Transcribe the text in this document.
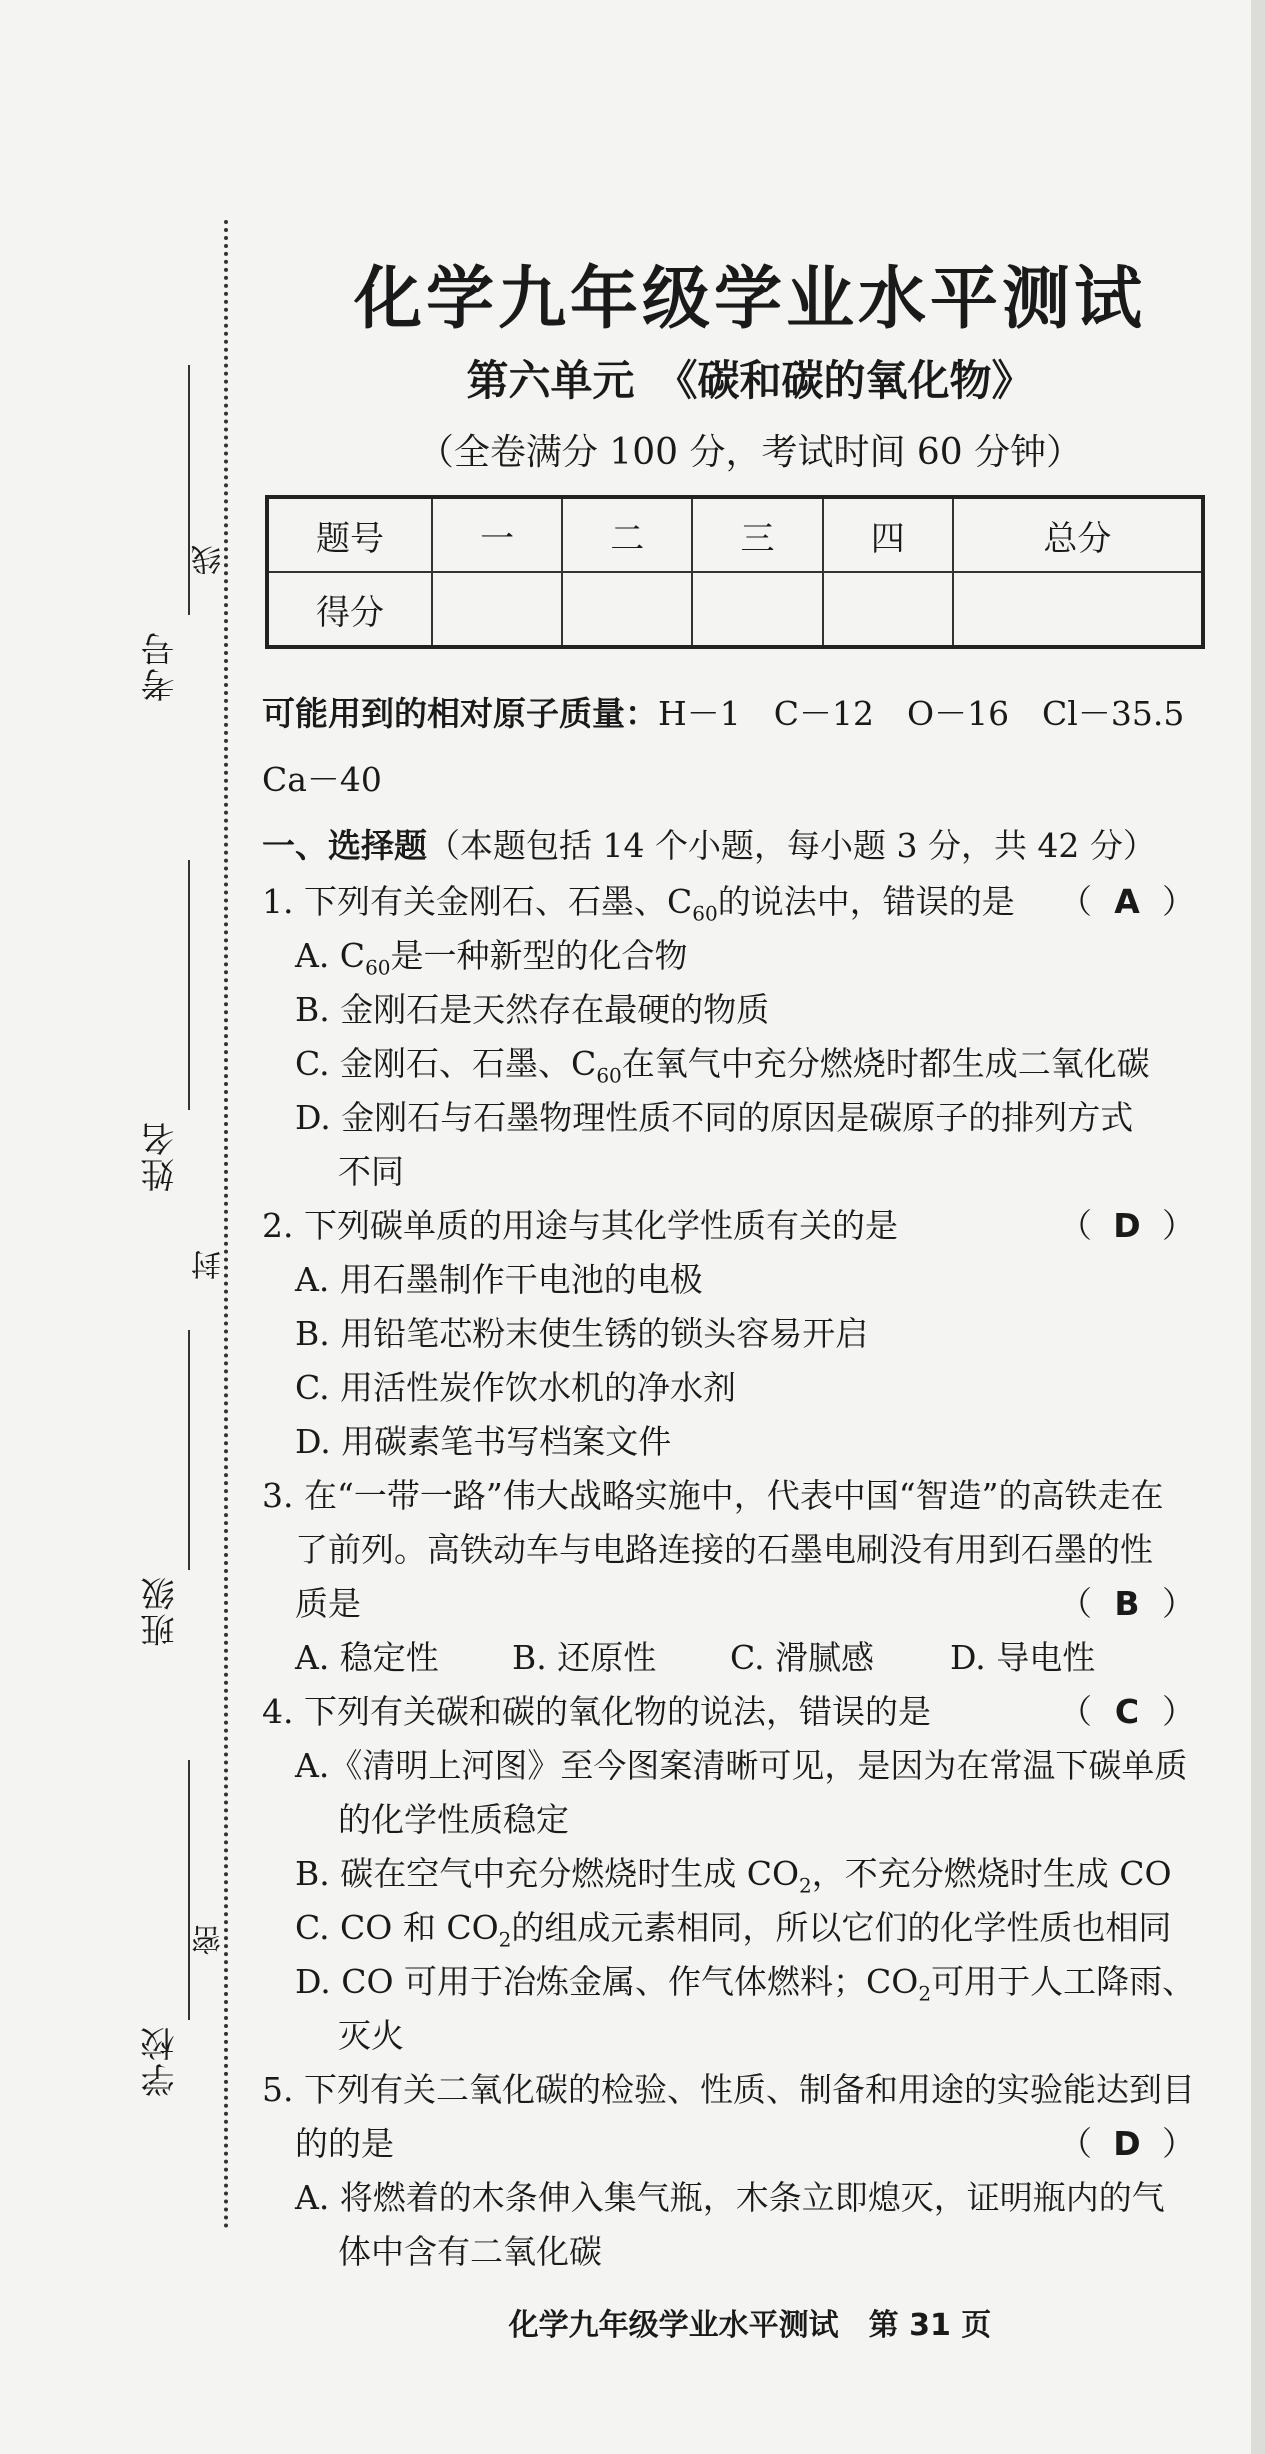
考号
线
姓名
封
班级
学校
密
化学九年级学业水平测试
第六单元　《碳和碳的氧化物》
（全卷满分 100 分，考试时间 60 分钟）
题号	一	二	三	四	总分
得分					
可能用到的相对原子质量：H－1　C－12　O－16　Cl－35.5
Ca－40
一、选择题（本题包括 14 个小题，每小题 3 分，共 42 分）
1. 下列有关金刚石、石墨、$C_{60}$的说法中，错误的是 （ A ）
A. $C_{60}$是一种新型的化合物
B. 金刚石是天然存在最硬的物质
C. 金刚石、石墨、$C_{60}$在氧气中充分燃烧时都生成二氧化碳
D. 金刚石与石墨物理性质不同的原因是碳原子的排列方式
不同
2. 下列碳单质的用途与其化学性质有关的是	（ D ）
A. 用石墨制作干电池的电极
B. 用铅笔芯粉末使生锈的锁头容易开启
C. 用活性炭作饮水机的净水剂
D. 用碳素笔书写档案文件
3. 在“一带一路”伟大战略实施中，代表中国“智造”的高铁走在
了前列。高铁动车与电路连接的石墨电刷没有用到石墨的性
质是	（ B ）
A. 稳定性 B. 还原性 C. 滑腻感 D. 导电性
4. 下列有关碳和碳的氧化物的说法，错误的是	（ C ）
A.《清明上河图》至今图案清晰可见，是因为在常温下碳单质
的化学性质稳定
B. 碳在空气中充分燃烧时生成 $CO_2$，不充分燃烧时生成 CO
C. CO 和 $CO_2$的组成元素相同，所以它们的化学性质也相同
D. CO 可用于冶炼金属、作气体燃料；$CO_2$可用于人工降雨、
灭火
5. 下列有关二氧化碳的检验、性质、制备和用途的实验能达到目
的的是	（ D ）
A. 将燃着的木条伸入集气瓶，木条立即熄灭，证明瓶内的气
体中含有二氧化碳
化学九年级学业水平测试　第 31 页
